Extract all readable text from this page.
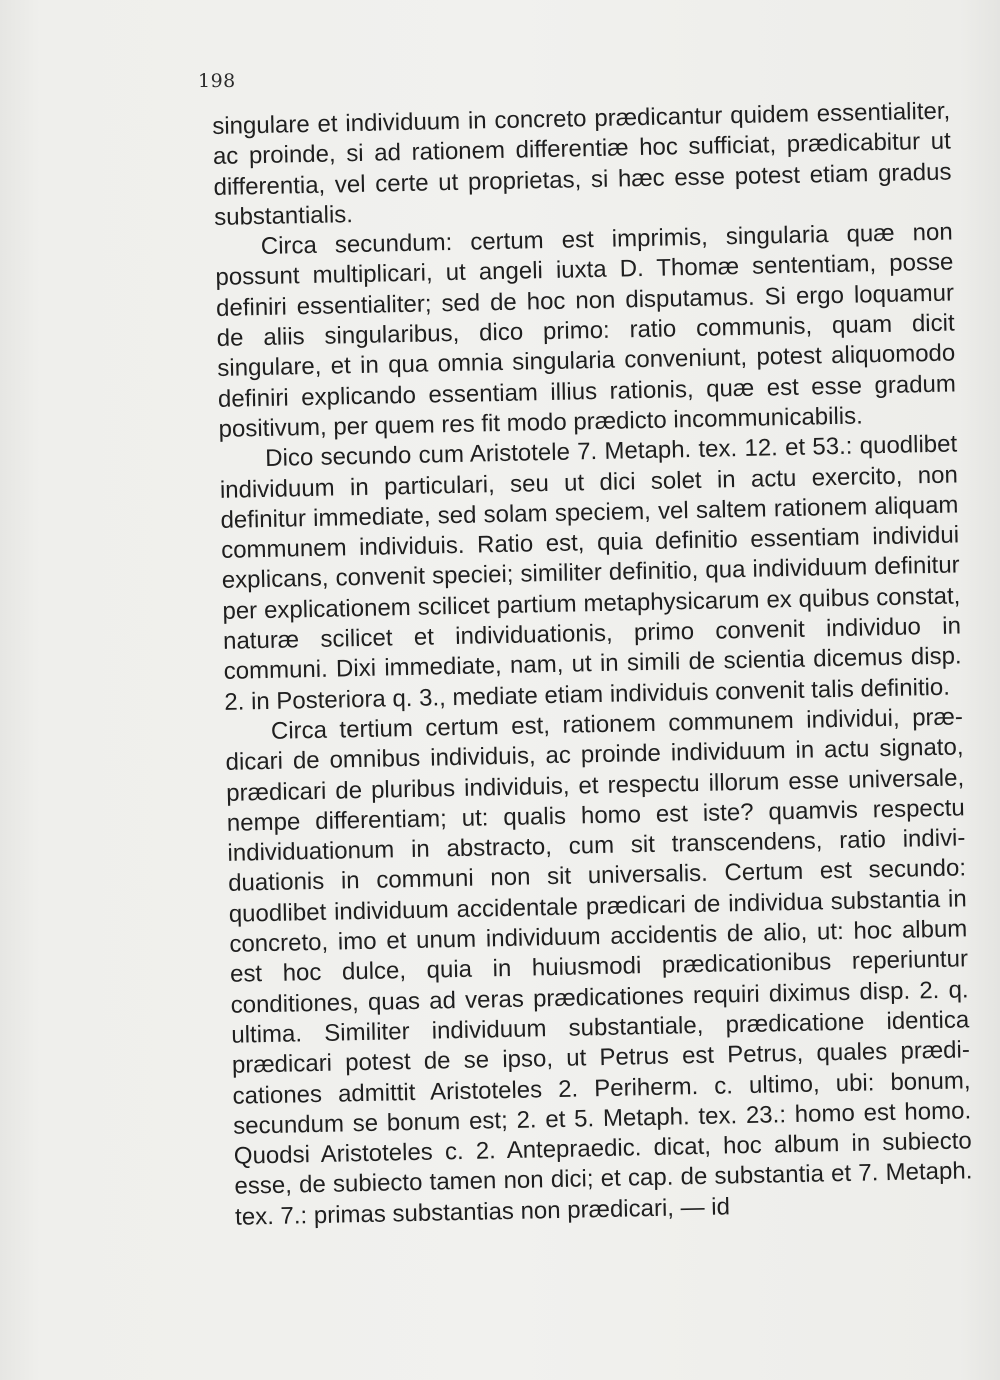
198

singulare et individuum in concreto prædicantur quidem essentialiter, ac proinde, si ad rationem differentiæ hoc sufficiat, prædicabitur ut differentia, vel certe ut proprietas, si hæc esse potest etiam gradus substantialis.

Circa secundum: certum est imprimis, singularia quæ non possunt multiplicari, ut angeli iuxta D. Thomæ sententiam, posse definiri essentialiter; sed de hoc non disputamus. Si ergo loquamur de aliis singularibus, dico primo: ratio communis, quam dicit singulare, et in qua omnia singularia conveniunt, potest aliquomodo definiri explicando essentiam illius rationis, quæ est esse gradum positivum, per quem res fit modo prædicto incommunicabilis.

Dico secundo cum Aristotele 7. Metaph. tex. 12. et 53.: quodlibet individuum in particulari, seu ut dici solet in actu exercito, non definitur immediate, sed solam speciem, vel saltem rationem aliquam communem individuis. Ratio est, quia definitio essentiam individui explicans, convenit speciei; similiter definitio, qua individuum definitur per explicationem scilicet partium metaphysicarum ex quibus constat, naturæ scilicet et individuationis, primo convenit individuo in communi. Dixi immediate, nam, ut in simili de scientia dicemus disp. 2. in Posteriora q. 3., mediate etiam individuis convenit talis definitio.

Circa tertium certum est, rationem communem individui, prædicari de omnibus individuis, ac proinde individuum in actu signato, prædicari de pluribus individuis, et respectu illorum esse universale, nempe differentiam; ut: qualis homo est iste? quamvis respectu individuationum in abstracto, cum sit transcendens, ratio individuationis in communi non sit universalis. Certum est secundo: quodlibet individuum accidentale prædicari de individua substantia in concreto, imo et unum individuum accidentis de alio, ut: hoc album est hoc dulce, quia in huiusmodi prædicationibus reperiuntur conditiones, quas ad veras prædicationes requiri diximus disp. 2. q. ultima. Similiter individuum substantiale, prædicatione identica prædicari potest de se ipso, ut Petrus est Petrus, quales prædicationes admittit Aristoteles 2. Periherm. c. ultimo, ubi: bonum, secundum se bonum est; 2. et 5. Metaph. tex. 23.: homo est homo. Quodsi Aristoteles c. 2. Antepraedic. dicat, hoc album in subiecto esse, de subiecto tamen non dici; et cap. de substantia et 7. Metaph. tex. 7.: primas substantias non prædicari, — id
